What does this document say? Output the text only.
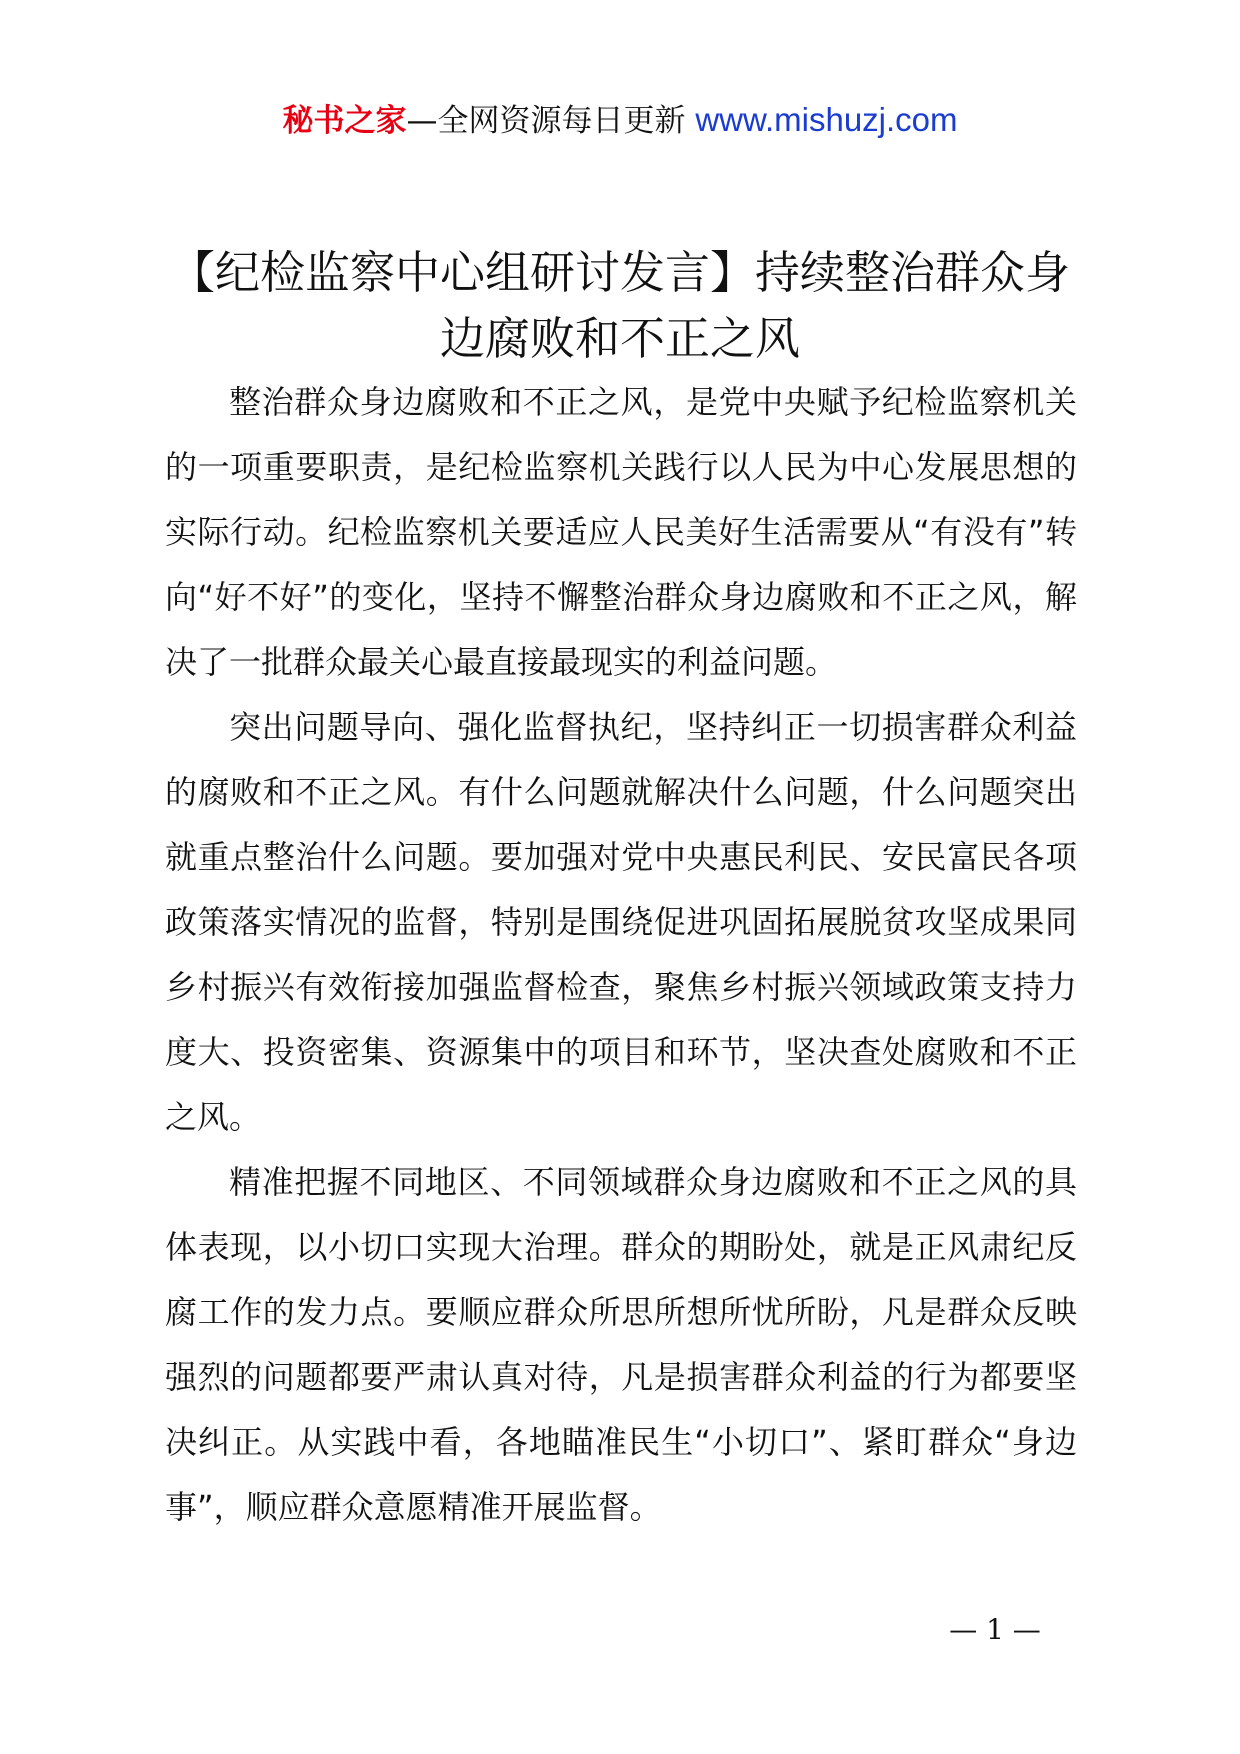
秘书之家—全网资源每日更新 www.mishuzj.com
【纪检监察中心组研讨发言】持续整治群众身边腐败和不正之风

整治群众身边腐败和不正之风，是党中央赋予纪检监察机关的一项重要职责，是纪检监察机关践行以人民为中心发展思想的实际行动。纪检监察机关要适应人民美好生活需要从“有没有”转向“好不好”的变化，坚持不懈整治群众身边腐败和不正之风，解决了一批群众最关心最直接最现实的利益问题。

突出问题导向、强化监督执纪，坚持纠正一切损害群众利益的腐败和不正之风。有什么问题就解决什么问题，什么问题突出就重点整治什么问题。要加强对党中央惠民利民、安民富民各项政策落实情况的监督，特别是围绕促进巩固拓展脱贫攻坚成果同乡村振兴有效衔接加强监督检查，聚焦乡村振兴领域政策支持力度大、投资密集、资源集中的项目和环节，坚决查处腐败和不正之风。

精准把握不同地区、不同领域群众身边腐败和不正之风的具体表现，以小切口实现大治理。群众的期盼处，就是正风肃纪反腐工作的发力点。要顺应群众所思所想所忧所盼，凡是群众反映强烈的问题都要严肃认真对待，凡是损害群众利益的行为都要坚决纠正。从实践中看，各地瞄准民生“小切口”、紧盯群众“身边事”，顺应群众意愿精准开展监督。

— 1 —
